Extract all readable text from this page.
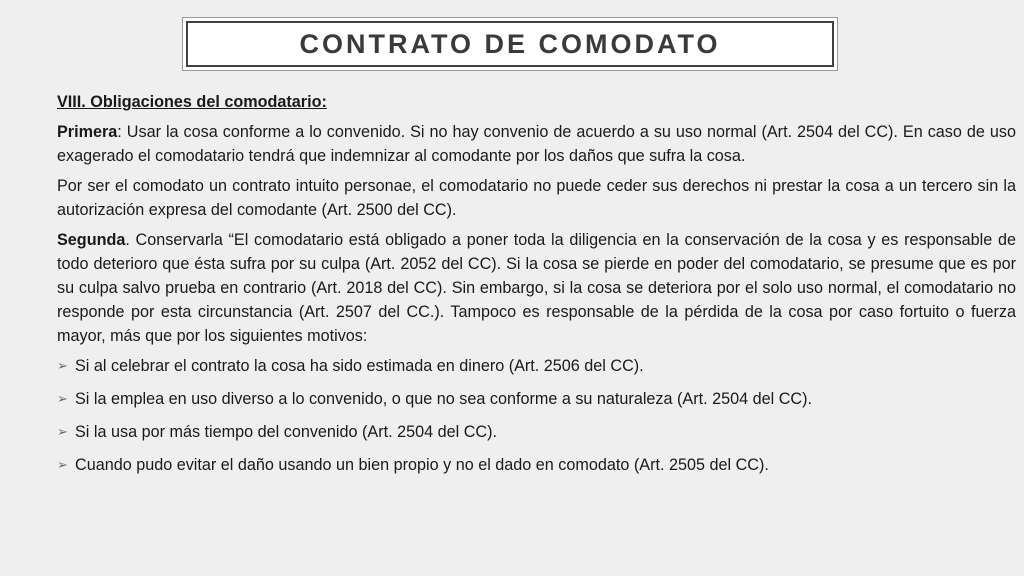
CONTRATO DE COMODATO

VIII. Obligaciones del comodatario:

Primera: Usar la cosa conforme a lo convenido. Si no hay convenio de acuerdo a su uso normal (Art. 2504 del CC). En caso de uso exagerado el comodatario tendrá que indemnizar al comodante por los daños que sufra la cosa.

Por ser el comodato un contrato intuito personae, el comodatario no puede ceder sus derechos ni prestar la cosa a un tercero sin la autorización expresa del comodante (Art. 2500 del CC).

Segunda. Conservarla “El comodatario está obligado a poner toda la diligencia en la conservación de la cosa y es responsable de todo deterioro que ésta sufra por su culpa (Art. 2052 del CC). Si la cosa se pierde en poder del comodatario, se presume que es por su culpa salvo prueba en contrario (Art. 2018 del CC). Sin embargo, si la cosa se deteriora por el solo uso normal, el comodatario no responde por esta circunstancia (Art. 2507 del CC.). Tampoco es responsable de la pérdida de la cosa por caso fortuito o fuerza mayor, más que por los siguientes motivos:

➢ Si al celebrar el contrato la cosa ha sido estimada en dinero (Art. 2506 del CC).
➢ Si la emplea en uso diverso a lo convenido, o que no sea conforme a su naturaleza (Art. 2504 del CC).
➢ Si la usa por más tiempo del convenido (Art. 2504 del CC).
➢ Cuando pudo evitar el daño usando un bien propio y no el dado en comodato (Art. 2505 del CC).
